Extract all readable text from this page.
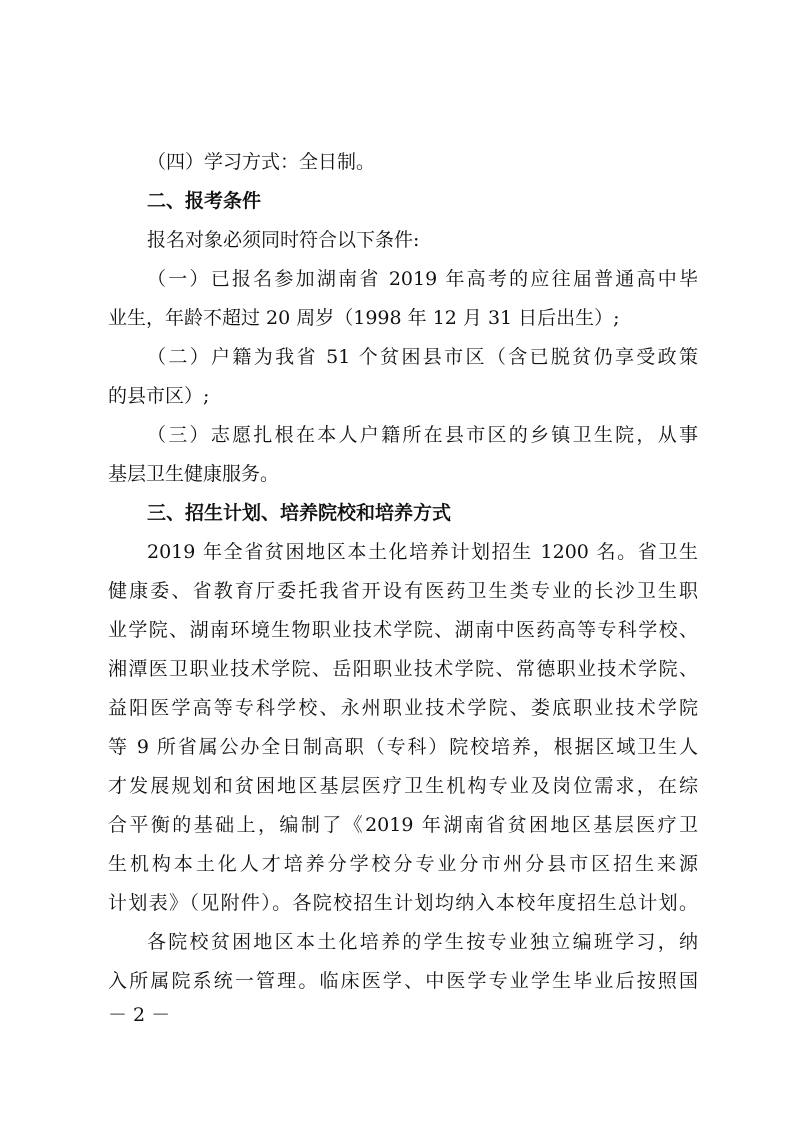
（四）学习方式：全日制。

二、报考条件

报名对象必须同时符合以下条件:

（一）已报名参加湖南省 2019 年高考的应往届普通高中毕

业生，年龄不超过 20 周岁（1998 年 12 月 31 日后出生）;

（二）户籍为我省 51 个贫困县市区（含已脱贫仍享受政策

的县市区）;

（三）志愿扎根在本人户籍所在县市区的乡镇卫生院，从事

基层卫生健康服务。

三、招生计划、培养院校和培养方式

2019 年全省贫困地区本土化培养计划招生 1200 名。省卫生

健康委、省教育厅委托我省开设有医药卫生类专业的长沙卫生职

业学院、湖南环境生物职业技术学院、湖南中医药高等专科学校、

湘潭医卫职业技术学院、岳阳职业技术学院、常德职业技术学院、

益阳医学高等专科学校、永州职业技术学院、娄底职业技术学院

等 9 所省属公办全日制高职（专科）院校培养，根据区域卫生人

才发展规划和贫困地区基层医疗卫生机构专业及岗位需求，在综

合平衡的基础上，编制了《2019 年湖南省贫困地区基层医疗卫

生机构本土化人才培养分学校分专业分市州分县市区招生来源

计划表》（见附件）。各院校招生计划均纳入本校年度招生总计划。

各院校贫困地区本土化培养的学生按专业独立编班学习，纳

入所属院系统一管理。临床医学、中医学专业学生毕业后按照国

－ 2 －
